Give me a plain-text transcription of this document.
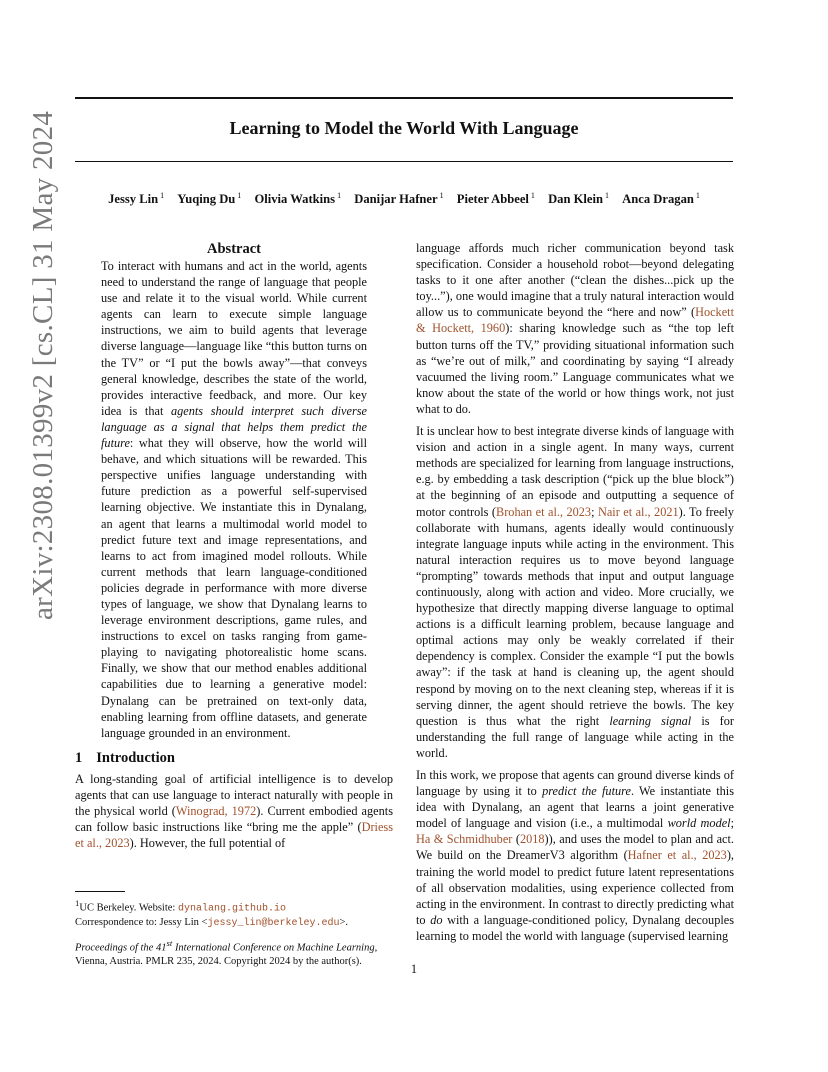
Learning to Model the World With Language
Jessy Lin $^1$ Yuqing Du $^1$ Olivia Watkins $^1$ Danijar Hafner $^1$ Pieter Abbeel $^1$ Dan Klein $^1$ Anca Dragan $^1$
arXiv:2308.01399v2 [cs.CL] 31 May 2024	Abstract

To interact with humans and act in the world, agents need to understand the range of language that people use and relate it to the visual world. While current agents can learn to execute simple language instructions, we aim to build agents that leverage diverse language—language like “this button turns on the TV” or “I put the bowls away”—that conveys general knowledge, describes the state of the world, provides interactive feedback, and more. Our key idea is that agents should interpret such diverse language as a signal that helps them predict the future: what they will observe, how the world will behave, and which situations will be rewarded. This perspective unifies language understanding with future prediction as a powerful self-supervised learning objective. We instantiate this in Dynalang, an agent that learns a multimodal world model to predict future text and image representations, and learns to act from imagined model rollouts. While current methods that learn language-conditioned policies degrade in performance with more diverse types of language, we show that Dynalang learns to leverage environment descriptions, game rules, and instructions to excel on tasks ranging from game-playing to navigating photorealistic home scans. Finally, we show that our method enables additional capabilities due to learning a generative model: Dynalang can be pretrained on text-only data, enabling learning from offline datasets, and generate language grounded in an environment.

1 Introduction

A long-standing goal of artificial intelligence is to develop agents that can use language to interact naturally with people in the physical world (Winograd, 1972). Current embodied agents can follow basic instructions like “bring me the apple” (Driess et al., 2023). However, the full potential of

$^1$UC Berkeley. Website: dynalang.github.io
Correspondence to: Jessy Lin <jessy_lin@berkeley.edu>.
Proceedings of the 41st International Conference on Machine Learning, Vienna, Austria. PMLR 235, 2024. Copyright 2024 by the author(s).

language affords much richer communication beyond task specification. Consider a household robot—beyond delegating tasks to it one after another (“clean the dishes...pick up the toy...”), one would imagine that a truly natural interaction would allow us to communicate beyond the “here and now” (Hockett & Hockett, 1960): sharing knowledge such as “the top left button turns off the TV,” providing situational information such as “we’re out of milk,” and coordinating by saying “I already vacuumed the living room.” Language communicates what we know about the state of the world or how things work, not just what to do.

It is unclear how to best integrate diverse kinds of language with vision and action in a single agent. In many ways, current methods are specialized for learning from language instructions, e.g. by embedding a task description (“pick up the blue block”) at the beginning of an episode and outputting a sequence of motor controls (Brohan et al., 2023; Nair et al., 2021). To freely collaborate with humans, agents ideally would continuously integrate language inputs while acting in the environment. This natural interaction requires us to move beyond language “prompting” towards methods that input and output language continuously, along with action and video. More crucially, we hypothesize that directly mapping diverse language to optimal actions is a difficult learning problem, because language and optimal actions may only be weakly correlated if their dependency is complex. Consider the example “I put the bowls away”: if the task at hand is cleaning up, the agent should respond by moving on to the next cleaning step, whereas if it is serving dinner, the agent should retrieve the bowls. The key question is thus what the right learning signal is for understanding the full range of language while acting in the world.

In this work, we propose that agents can ground diverse kinds of language by using it to predict the future. We instantiate this idea with Dynalang, an agent that learns a joint generative model of language and vision (i.e., a multimodal world model; Ha & Schmidhuber (2018)), and uses the model to plan and act. We build on the DreamerV3 algorithm (Hafner et al., 2023), training the world model to predict future latent representations of all observation modalities, using experience collected from acting in the environment. In contrast to directly predicting what to do with a language-conditioned policy, Dynalang decouples learning to model the world with language (supervised learning

1
